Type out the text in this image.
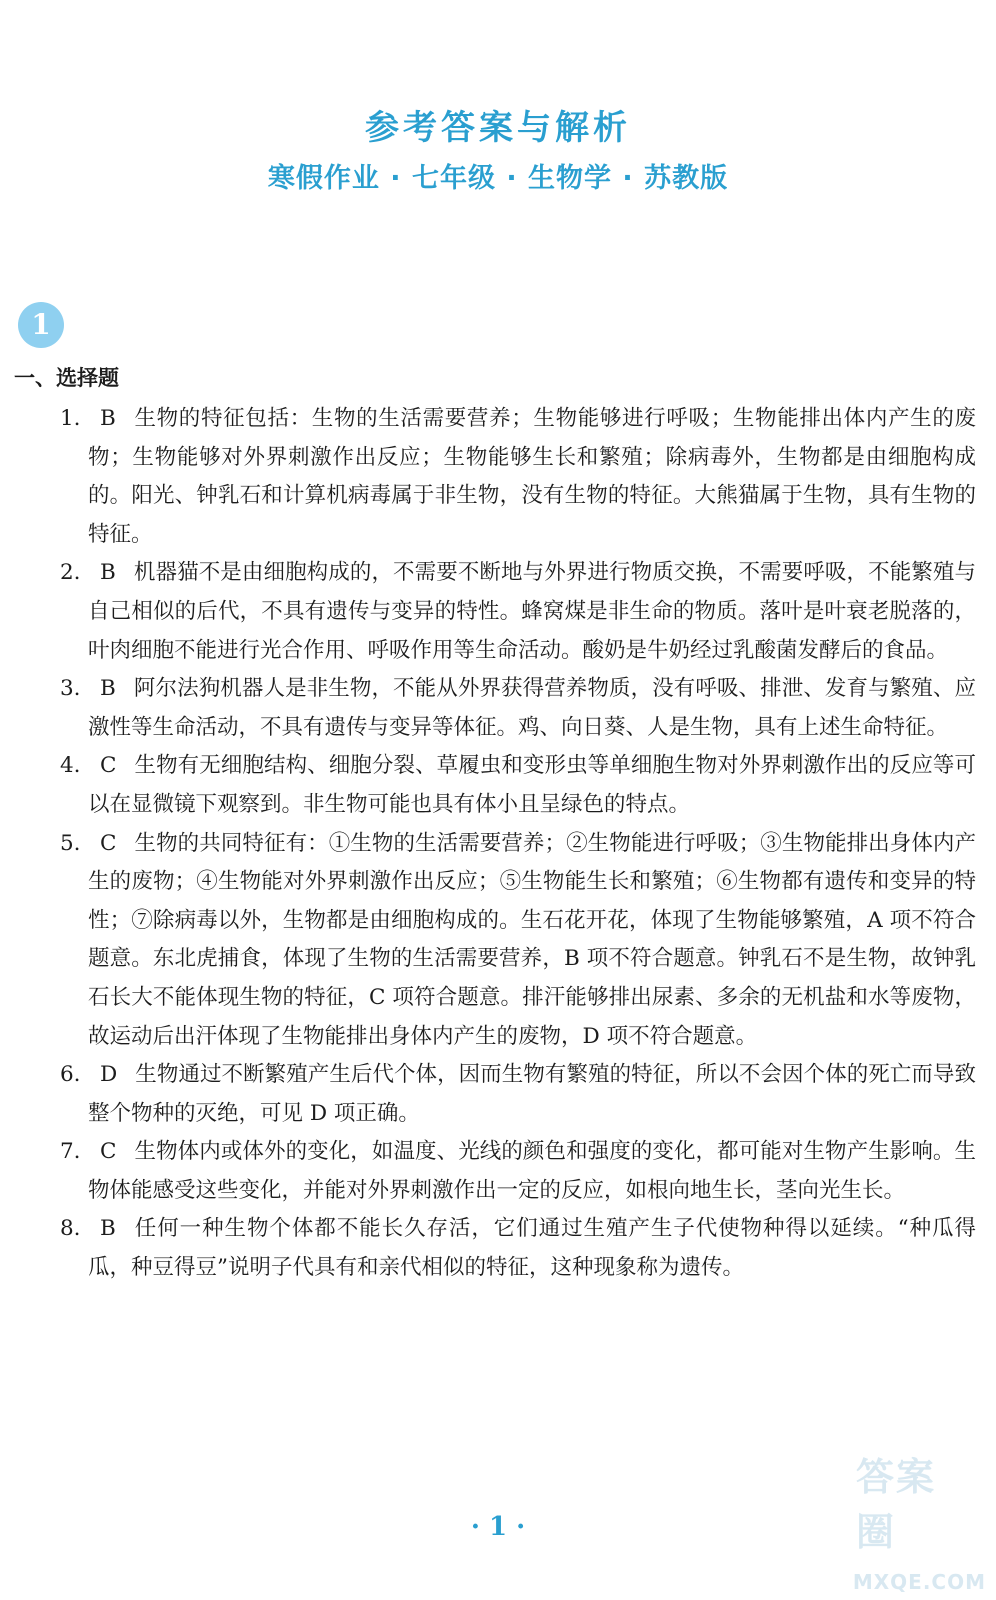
参考答案与解析
寒假作业 · 七年级 · 生物学 · 苏教版
1
一、选择题
1. B 生物的特征包括：生物的生活需要营养；生物能够进行呼吸；生物能排出体内产生的废物；生物能够对外界刺激作出反应；生物能够生长和繁殖；除病毒外，生物都是由细胞构成的。阳光、钟乳石和计算机病毒属于非生物，没有生物的特征。大熊猫属于生物，具有生物的特征。
2. B 机器猫不是由细胞构成的，不需要不断地与外界进行物质交换，不需要呼吸，不能繁殖与自己相似的后代，不具有遗传与变异的特性。蜂窝煤是非生命的物质。落叶是叶衰老脱落的，叶肉细胞不能进行光合作用、呼吸作用等生命活动。酸奶是牛奶经过乳酸菌发酵后的食品。
3. B 阿尔法狗机器人是非生物，不能从外界获得营养物质，没有呼吸、排泄、发育与繁殖、应激性等生命活动，不具有遗传与变异等体征。鸡、向日葵、人是生物，具有上述生命特征。
4. C 生物有无细胞结构、细胞分裂、草履虫和变形虫等单细胞生物对外界刺激作出的反应等可以在显微镜下观察到。非生物可能也具有体小且呈绿色的特点。
5. C 生物的共同特征有：①生物的生活需要营养；②生物能进行呼吸；③生物能排出身体内产生的废物；④生物能对外界刺激作出反应；⑤生物能生长和繁殖；⑥生物都有遗传和变异的特性；⑦除病毒以外，生物都是由细胞构成的。生石花开花，体现了生物能够繁殖，A 项不符合题意。东北虎捕食，体现了生物的生活需要营养，B 项不符合题意。钟乳石不是生物，故钟乳石长大不能体现生物的特征，C 项符合题意。排汗能够排出尿素、多余的无机盐和水等废物，故运动后出汗体现了生物能排出身体内产生的废物，D 项不符合题意。
6. D 生物通过不断繁殖产生后代个体，因而生物有繁殖的特征，所以不会因个体的死亡而导致整个物种的灭绝，可见 D 项正确。
7. C 生物体内或体外的变化，如温度、光线的颜色和强度的变化，都可能对生物产生影响。生物体能感受这些变化，并能对外界刺激作出一定的反应，如根向地生长，茎向光生长。
8. B 任何一种生物个体都不能长久存活，它们通过生殖产生子代使物种得以延续。“种瓜得瓜，种豆得豆”说明子代具有和亲代相似的特征，这种现象称为遗传。
· 1 ·
答案圈
MXQE.COM
